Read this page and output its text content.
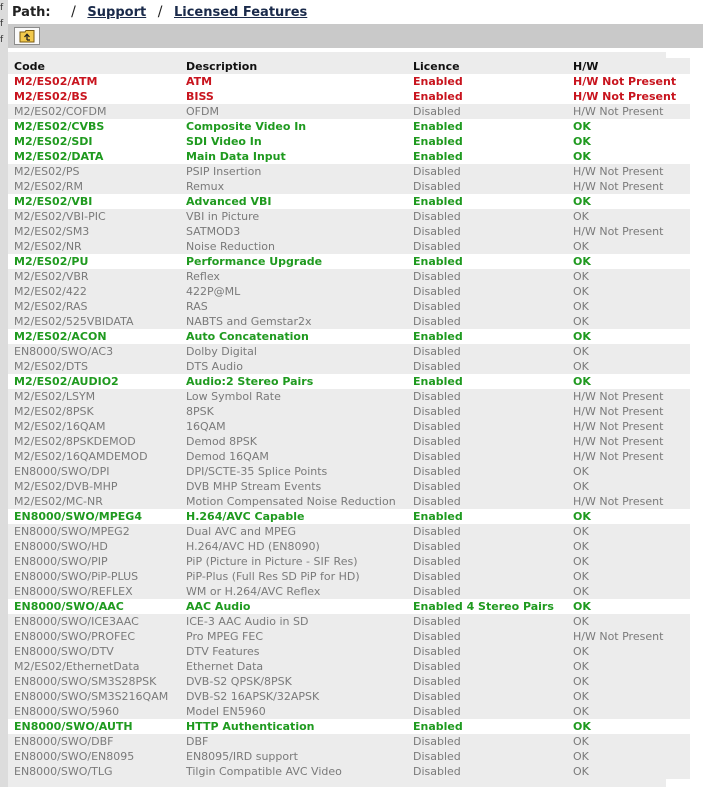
f
f
f
Path: / Support / Licensed Features
Code	Description	Licence	H/W
M2/ES02/ATM	ATM	Enabled	H/W Not Present
M2/ES02/BS	BISS	Enabled	H/W Not Present
M2/ES02/COFDM	OFDM	Disabled	H/W Not Present
M2/ES02/CVBS	Composite Video In	Enabled	OK
M2/ES02/SDI	SDI Video In	Enabled	OK
M2/ES02/DATA	Main Data Input	Enabled	OK
M2/ES02/PS	PSIP Insertion	Disabled	H/W Not Present
M2/ES02/RM	Remux	Disabled	H/W Not Present
M2/ES02/VBI	Advanced VBI	Enabled	OK
M2/ES02/VBI-PIC	VBI in Picture	Disabled	OK
M2/ES02/SM3	SATMOD3	Disabled	H/W Not Present
M2/ES02/NR	Noise Reduction	Disabled	OK
M2/ES02/PU	Performance Upgrade	Enabled	OK
M2/ES02/VBR	Reflex	Disabled	OK
M2/ES02/422	422P@ML	Disabled	OK
M2/ES02/RAS	RAS	Disabled	OK
M2/ES02/525VBIDATA	NABTS and Gemstar2x	Disabled	OK
M2/ES02/ACON	Auto Concatenation	Enabled	OK
EN8000/SWO/AC3	Dolby Digital	Disabled	OK
M2/ES02/DTS	DTS Audio	Disabled	OK
M2/ES02/AUDIO2	Audio:2 Stereo Pairs	Enabled	OK
M2/ES02/LSYM	Low Symbol Rate	Disabled	H/W Not Present
M2/ES02/8PSK	8PSK	Disabled	H/W Not Present
M2/ES02/16QAM	16QAM	Disabled	H/W Not Present
M2/ES02/8PSKDEMOD	Demod 8PSK	Disabled	H/W Not Present
M2/ES02/16QAMDEMOD	Demod 16QAM	Disabled	H/W Not Present
EN8000/SWO/DPI	DPI/SCTE-35 Splice Points	Disabled	OK
M2/ES02/DVB-MHP	DVB MHP Stream Events	Disabled	OK
M2/ES02/MC-NR	Motion Compensated Noise Reduction	Disabled	H/W Not Present
EN8000/SWO/MPEG4	H.264/AVC Capable	Enabled	OK
EN8000/SWO/MPEG2	Dual AVC and MPEG	Disabled	OK
EN8000/SWO/HD	H.264/AVC HD (EN8090)	Disabled	OK
EN8000/SWO/PIP	PiP (Picture in Picture - SIF Res)	Disabled	OK
EN8000/SWO/PiP-PLUS	PiP-Plus (Full Res SD PiP for HD)	Disabled	OK
EN8000/SWO/REFLEX	WM or H.264/AVC Reflex	Disabled	OK
EN8000/SWO/AAC	AAC Audio	Enabled 4 Stereo Pairs	OK
EN8000/SWO/ICE3AAC	ICE-3 AAC Audio in SD	Disabled	OK
EN8000/SWO/PROFEC	Pro MPEG FEC	Disabled	H/W Not Present
EN8000/SWO/DTV	DTV Features	Disabled	OK
M2/ES02/EthernetData	Ethernet Data	Disabled	OK
EN8000/SWO/SM3S28PSK	DVB-S2 QPSK/8PSK	Disabled	OK
EN8000/SWO/SM3S216QAM	DVB-S2 16APSK/32APSK	Disabled	OK
EN8000/SWO/5960	Model EN5960	Disabled	OK
EN8000/SWO/AUTH	HTTP Authentication	Enabled	OK
EN8000/SWO/DBF	DBF	Disabled	OK
EN8000/SWO/EN8095	EN8095/IRD support	Disabled	OK
EN8000/SWO/TLG	Tilgin Compatible AVC Video	Disabled	OK
